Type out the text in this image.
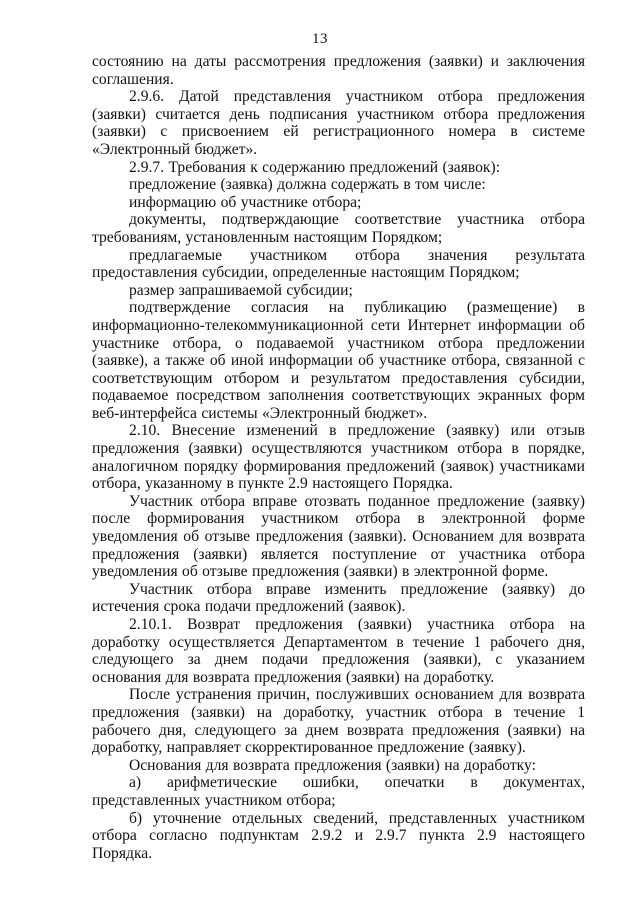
13

состоянию на даты рассмотрения предложения (заявки) и заключения соглашения.

2.9.6. Датой представления участником отбора предложения (заявки) считается день подписания участником отбора предложения (заявки) с присвоением ей регистрационного номера в системе «Электронный бюджет».

2.9.7. Требования к содержанию предложений (заявок):

предложение (заявка) должна содержать в том числе:

информацию об участнике отбора;

документы, подтверждающие соответствие участника отбора требованиям, установленным настоящим Порядком;

предлагаемые участником отбора значения результата предоставления субсидии, определенные настоящим Порядком;

размер запрашиваемой субсидии;

подтверждение согласия на публикацию (размещение) в информационно-телекоммуникационной сети Интернет информации об участнике отбора, о подаваемой участником отбора предложении (заявке), а также об иной информации об участнике отбора, связанной с соответствующим отбором и результатом предоставления субсидии, подаваемое посредством заполнения соответствующих экранных форм веб-интерфейса системы «Электронный бюджет».

2.10. Внесение изменений в предложение (заявку) или отзыв предложения (заявки) осуществляются участником отбора в порядке, аналогичном порядку формирования предложений (заявок) участниками отбора, указанному в пункте 2.9 настоящего Порядка.

Участник отбора вправе отозвать поданное предложение (заявку) после формирования участником отбора в электронной форме уведомления об отзыве предложения (заявки). Основанием для возврата предложения (заявки) является поступление от участника отбора уведомления об отзыве предложения (заявки) в электронной форме.

Участник отбора вправе изменить предложение (заявку) до истечения срока подачи предложений (заявок).

2.10.1. Возврат предложения (заявки) участника отбора на доработку осуществляется Департаментом в течение 1 рабочего дня, следующего за днем подачи предложения (заявки), с указанием основания для возврата предложения (заявки) на доработку.

После устранения причин, послуживших основанием для возврата предложения (заявки) на доработку, участник отбора в течение 1 рабочего дня, следующего за днем возврата предложения (заявки) на доработку, направляет скорректированное предложение (заявку).

Основания для возврата предложения (заявки) на доработку:

а) арифметические ошибки, опечатки в документах, представленных участником отбора;

б) уточнение отдельных сведений, представленных участником отбора согласно подпунктам 2.9.2 и 2.9.7 пункта 2.9 настоящего Порядка.
